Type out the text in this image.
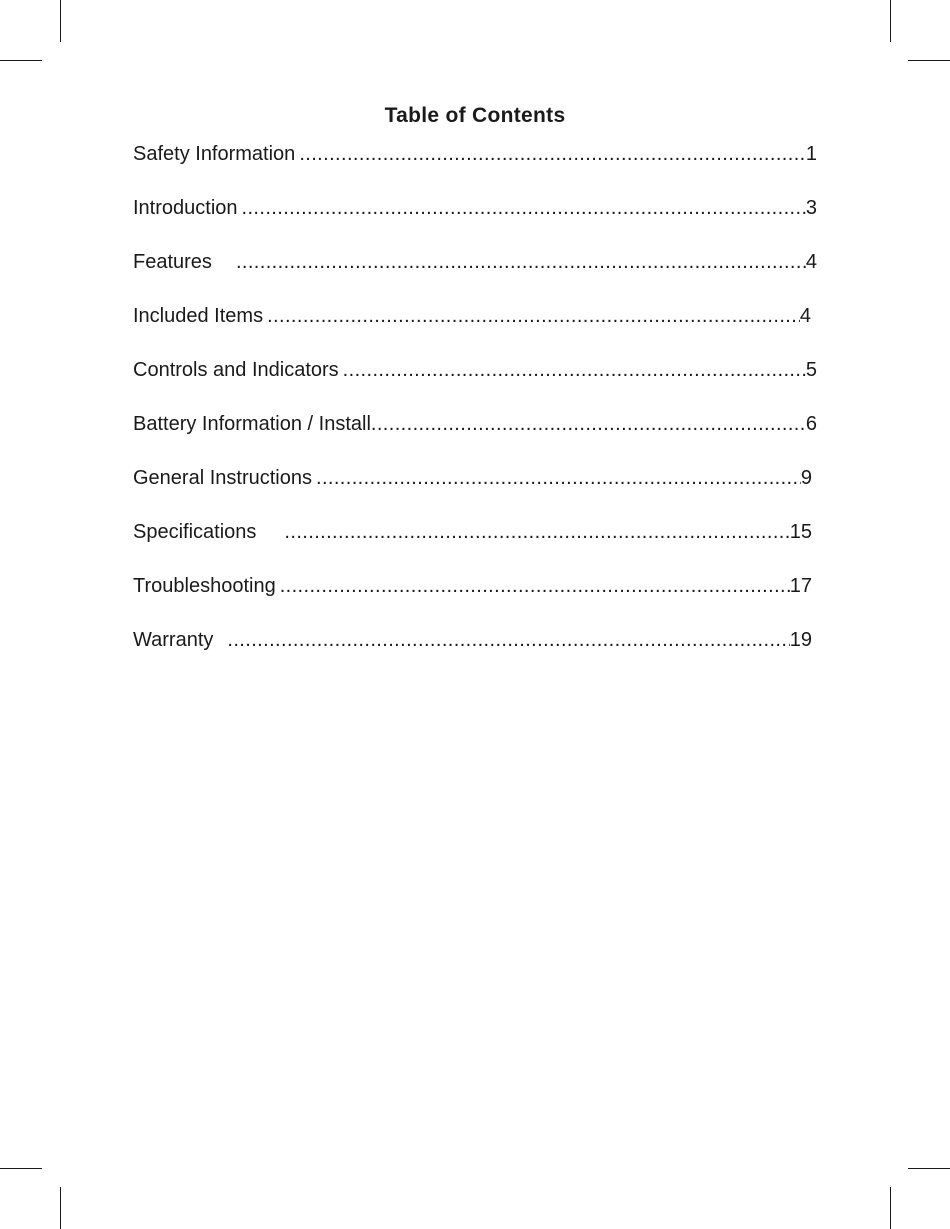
Table of Contents
Safety Information .....	1
Introduction .....	3
Features .....	4
Included Items .....	4
Controls and Indicators .....	5
Battery Information / Install .....	6
General Instructions .....	9
Specifications .....	15
Troubleshooting .....	17
Warranty .....	19
